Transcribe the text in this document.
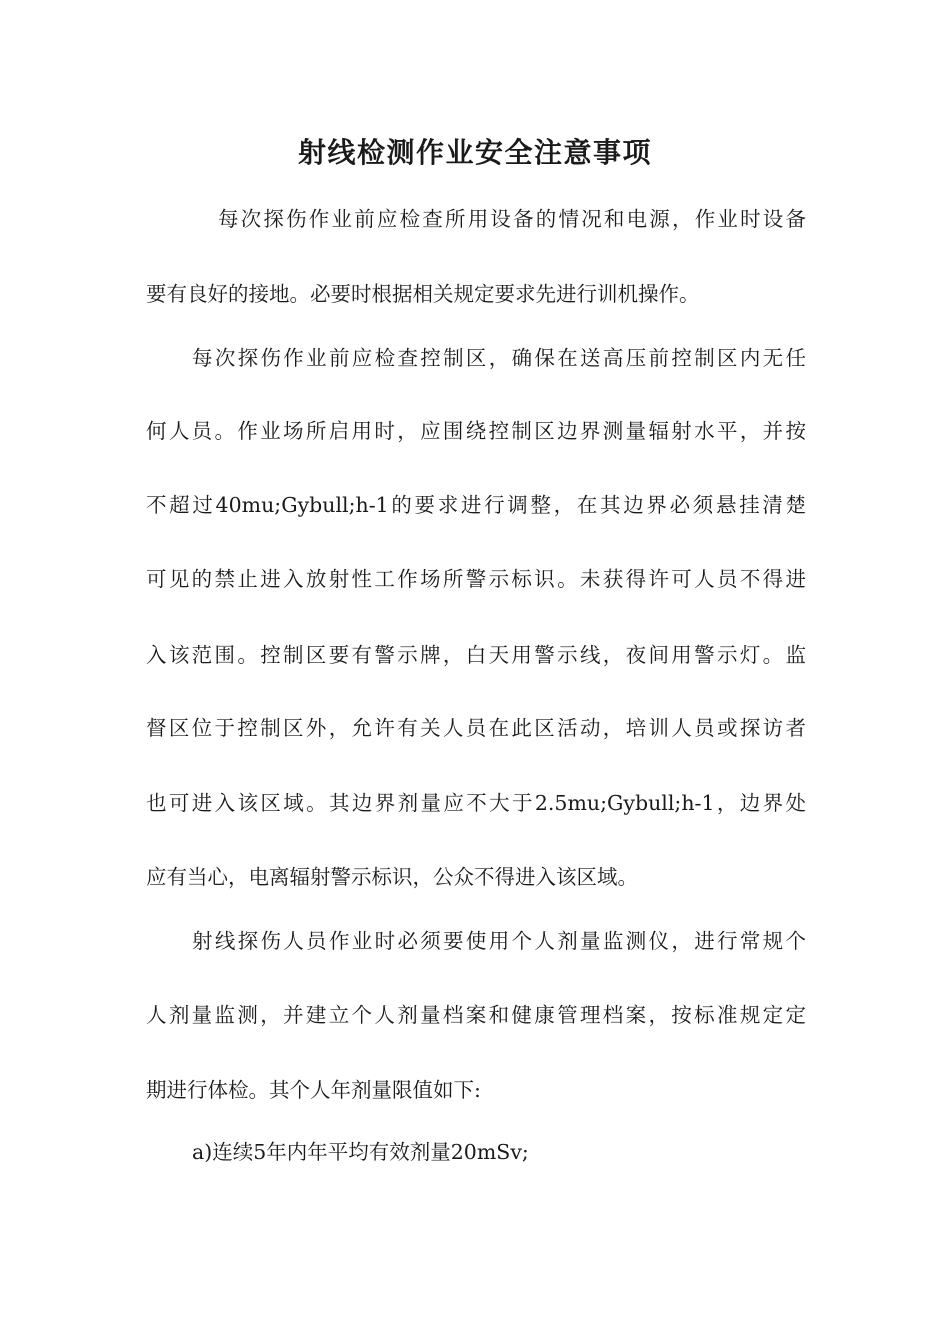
射线检测作业安全注意事项

每次探伤作业前应检查所用设备的情况和电源，作业时设备

要有良好的接地。必要时根据相关规定要求先进行训机操作。

每次探伤作业前应检查控制区，确保在送高压前控制区内无任

何人员。作业场所启用时，应围绕控制区边界测量辐射水平，并按

不超过40mu;Gybull;h-1的要求进行调整，在其边界必须悬挂清楚

可见的禁止进入放射性工作场所警示标识。未获得许可人员不得进

入该范围。控制区要有警示牌，白天用警示线，夜间用警示灯。监

督区位于控制区外，允许有关人员在此区活动，培训人员或探访者

也可进入该区域。其边界剂量应不大于2.5mu;Gybull;h-1，边界处

应有当心，电离辐射警示标识，公众不得进入该区域。

射线探伤人员作业时必须要使用个人剂量监测仪，进行常规个

人剂量监测，并建立个人剂量档案和健康管理档案，按标准规定定

期进行体检。其个人年剂量限值如下:

a)连续5年内年平均有效剂量20mSv;
